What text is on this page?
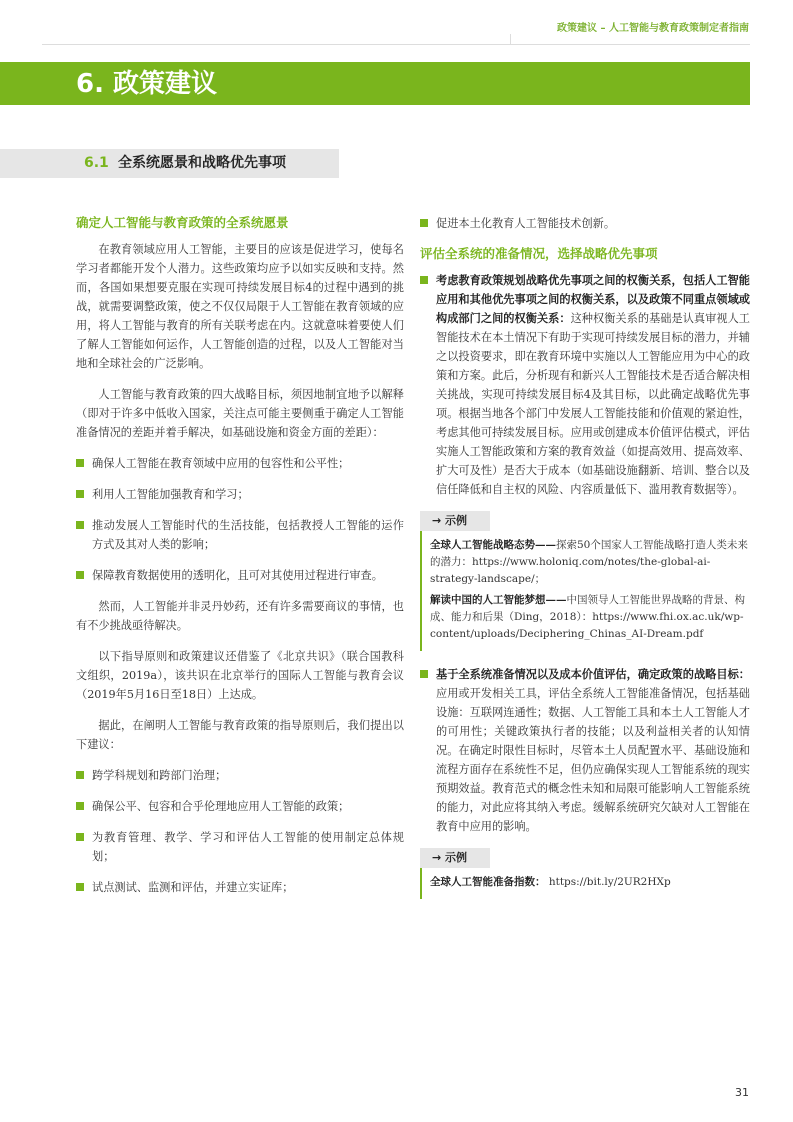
政策建议 – 人工智能与教育政策制定者指南
6. 政策建议
6.1 全系统愿景和战略优先事项
确定人工智能与教育政策的全系统愿景

在教育领域应用人工智能，主要目的应该是促进学习，使每名学习者都能开发个人潜力。这些政策均应予以如实反映和支持。然而，各国如果想要克服在实现可持续发展目标4的过程中遇到的挑战，就需要调整政策，使之不仅仅局限于人工智能在教育领域的应用，将人工智能与教育的所有关联考虑在内。这就意味着要使人们了解人工智能如何运作，人工智能创造的过程，以及人工智能对当地和全球社会的广泛影响。

人工智能与教育政策的四大战略目标，须因地制宜地予以解释（即对于许多中低收入国家，关注点可能主要侧重于确定人工智能准备情况的差距并着手解决，如基础设施和资金方面的差距）：

确保人工智能在教育领域中应用的包容性和公平性；
利用人工智能加强教育和学习；
推动发展人工智能时代的生活技能，包括教授人工智能的运作方式及其对人类的影响；
保障教育数据使用的透明化，且可对其使用过程进行审查。

然而，人工智能并非灵丹妙药，还有许多需要商议的事情，也有不少挑战亟待解决。

以下指导原则和政策建议还借鉴了《北京共识》（联合国教科文组织，2019a），该共识在北京举行的国际人工智能与教育会议（2019年5月16日至18日）上达成。

据此，在阐明人工智能与教育政策的指导原则后，我们提出以下建议：

跨学科规划和跨部门治理；
确保公平、包容和合乎伦理地应用人工智能的政策；
为教育管理、教学、学习和评估人工智能的使用制定总体规划；
试点测试、监测和评估，并建立实证库；
促进本土化教育人工智能技术创新。
评估全系统的准备情况，选择战略优先事项
考虑教育政策规划战略优先事项之间的权衡关系，包括人工智能应用和其他优先事项之间的权衡关系，以及政策不同重点领域或构成部门之间的权衡关系：这种权衡关系的基础是认真审视人工智能技术在本土情况下有助于实现可持续发展目标的潜力，并辅之以投资要求，即在教育环境中实施以人工智能应用为中心的政策和方案。此后，分析现有和新兴人工智能技术是否适合解决相关挑战，实现可持续发展目标4及其目标，以此确定战略优先事项。根据当地各个部门中发展人工智能技能和价值观的紧迫性，考虑其他可持续发展目标。应用或创建成本价值评估模式，评估实施人工智能政策和方案的教育效益（如提高效用、提高效率、扩大可及性）是否大于成本（如基础设施翻新、培训、整合以及信任降低和自主权的风险、内容质量低下、滥用教育数据等）。
→ 示例
全球人工智能战略态势——探索50个国家人工智能战略打造人类未来的潜力：https://www.holoniq.com/notes/the-global-ai-strategy-landscape/；
解读中国的人工智能梦想——中国领导人工智能世界战略的背景、构成、能力和后果（Ding，2018）：https://www.fhi.ox.ac.uk/wp-content/uploads/Deciphering_Chinas_AI-Dream.pdf
基于全系统准备情况以及成本价值评估，确定政策的战略目标：应用或开发相关工具，评估全系统人工智能准备情况，包括基础设施：互联网连通性；数据、人工智能工具和本土人工智能人才的可用性；关键政策执行者的技能；以及利益相关者的认知情况。在确定时限性目标时，尽管本土人员配置水平、基础设施和流程方面存在系统性不足，但仍应确保实现人工智能系统的现实预期效益。教育范式的概念性未知和局限可能影响人工智能系统的能力，对此应将其纳入考虑。缓解系统研究欠缺对人工智能在教育中应用的影响。
→ 示例
全球人工智能准备指数： https://bit.ly/2UR2HXp
31
